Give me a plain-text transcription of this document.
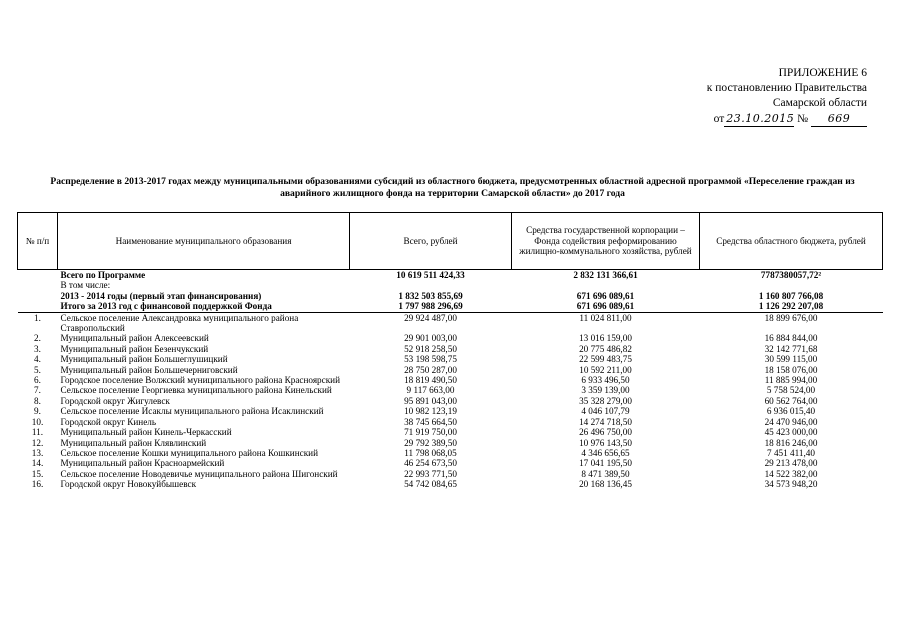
ПРИЛОЖЕНИЕ 6
к постановлению Правительства
Самарской области
от 23.10.2015 № 669
Распределение в 2013-2017 годах между муниципальными образованиями субсидий из областного бюджета, предусмотренных областной адресной программой «Переселение граждан из аварийного жилищного фонда на территории Самарской области» до 2017 года
№ п/п	Наименование муниципального образования	Всего, рублей	Средства государственной корпорации – Фонда содействия реформированию жилищно-коммунального хозяйства, рублей	Средства областного бюджета, рублей
	Всего по Программе	10 619 511 424,33	2 832 131 366,61	7787380057,72²
	В том числе:			
	2013 - 2014 годы (первый этап финансирования)	1 832 503 855,69	671 696 089,61	1 160 807 766,08
	Итого за 2013 год с финансовой поддержкой Фонда	1 797 988 296,69	671 696 089,61	1 126 292 207,08
1.	Сельское поселение Александровка муниципального района Ставропольский	29 924 487,00	11 024 811,00	18 899 676,00
2.	Муниципальный район Алексеевский	29 901 003,00	13 016 159,00	16 884 844,00
3.	Муниципальный район Безенчукский	52 918 258,50	20 775 486,82	32 142 771,68
4.	Муниципальный район Большеглушицкий	53 198 598,75	22 599 483,75	30 599 115,00
5.	Муниципальный район Большечерниговский	28 750 287,00	10 592 211,00	18 158 076,00
6.	Городское поселение Волжский муниципального района Красноярский	18 819 490,50	6 933 496,50	11 885 994,00
7.	Сельское поселение Георгиевка муниципального района Кинельский	9 117 663,00	3 359 139,00	5 758 524,00
8.	Городской округ Жигулевск	95 891 043,00	35 328 279,00	60 562 764,00
9.	Сельское поселение Исаклы муниципального района Исаклинский	10 982 123,19	4 046 107,79	6 936 015,40
10.	Городской округ Кинель	38 745 664,50	14 274 718,50	24 470 946,00
11.	Муниципальный район Кинель-Черкасский	71 919 750,00	26 496 750,00	45 423 000,00
12.	Муниципальный район Клявлинский	29 792 389,50	10 976 143,50	18 816 246,00
13.	Сельское поселение Кошки муниципального района Кошкинский	11 798 068,05	4 346 656,65	7 451 411,40
14.	Муниципальный район Красноармейский	46 254 673,50	17 041 195,50	29 213 478,00
15.	Сельское поселение Новодевичье муниципального района Шигонский	22 993 771,50	8 471 389,50	14 522 382,00
16.	Городской округ Новокуйбышевск	54 742 084,65	20 168 136,45	34 573 948,20
